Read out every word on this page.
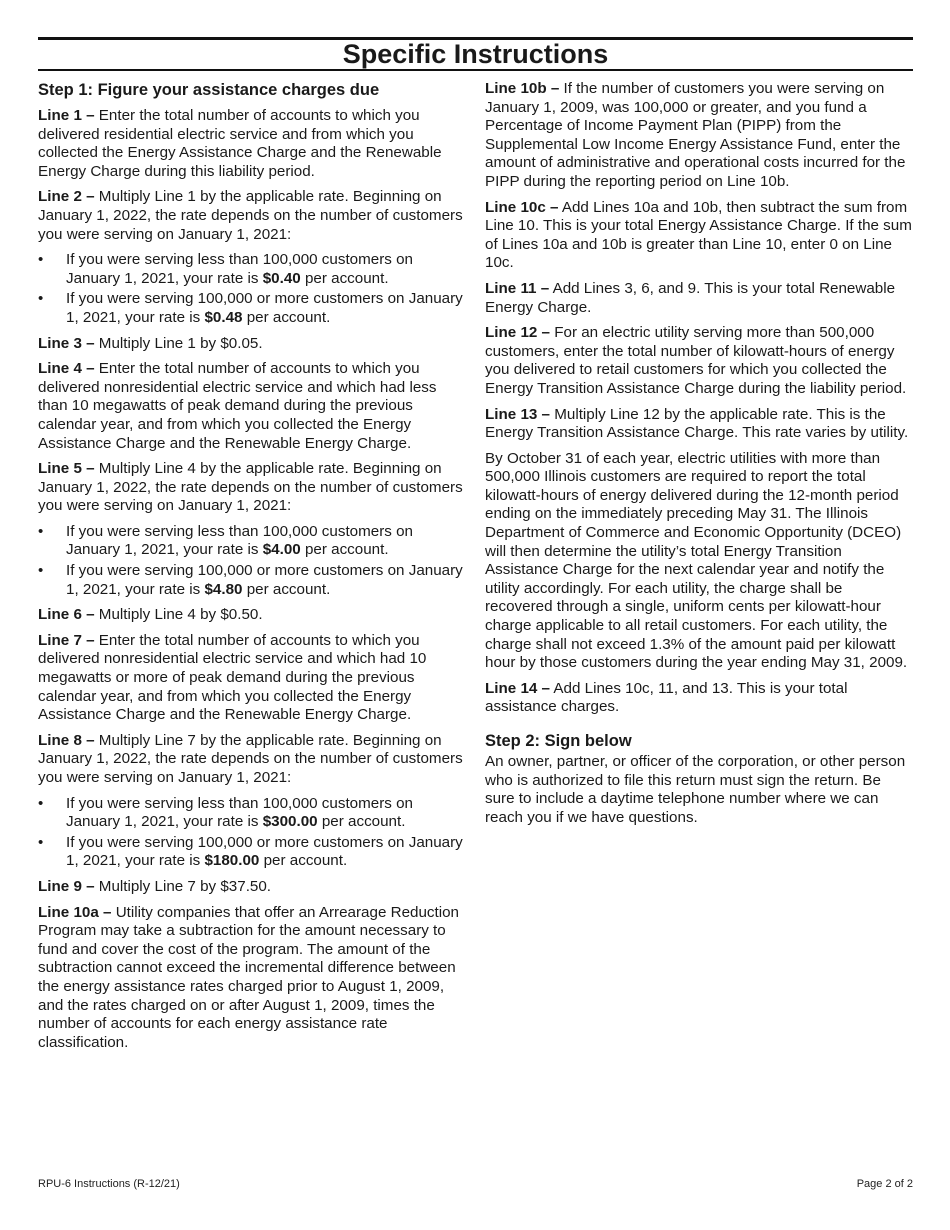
Specific Instructions
Step 1: Figure your assistance charges due

Line 1 – Enter the total number of accounts to which you delivered residential electric service and from which you collected the Energy Assistance Charge and the Renewable Energy Charge during this liability period.

Line 2 – Multiply Line 1 by the applicable rate. Beginning on January 1, 2022, the rate depends on the number of customers you were serving on January 1, 2021:

• If you were serving less than 100,000 customers on January 1, 2021, your rate is $0.40 per account.
• If you were serving 100,000 or more customers on January 1, 2021, your rate is $0.48 per account.

Line 3 – Multiply Line 1 by $0.05.

Line 4 – Enter the total number of accounts to which you delivered nonresidential electric service and which had less than 10 megawatts of peak demand during the previous calendar year, and from which you collected the Energy Assistance Charge and the Renewable Energy Charge.

Line 5 – Multiply Line 4 by the applicable rate. Beginning on January 1, 2022, the rate depends on the number of customers you were serving on January 1, 2021:

• If you were serving less than 100,000 customers on January 1, 2021, your rate is $4.00 per account.
• If you were serving 100,000 or more customers on January 1, 2021, your rate is $4.80 per account.

Line 6 – Multiply Line 4 by $0.50.

Line 7 – Enter the total number of accounts to which you delivered nonresidential electric service and which had 10 megawatts or more of peak demand during the previous calendar year, and from which you collected the Energy Assistance Charge and the Renewable Energy Charge.

Line 8 – Multiply Line 7 by the applicable rate. Beginning on January 1, 2022, the rate depends on the number of customers you were serving on January 1, 2021:

• If you were serving less than 100,000 customers on January 1, 2021, your rate is $300.00 per account.
• If you were serving 100,000 or more customers on January 1, 2021, your rate is $180.00 per account.

Line 9 – Multiply Line 7 by $37.50.

Line 10a – Utility companies that offer an Arrearage Reduction Program may take a subtraction for the amount necessary to fund and cover the cost of the program. The amount of the subtraction cannot exceed the incremental difference between the energy assistance rates charged prior to August 1, 2009, and the rates charged on or after August 1, 2009, times the number of accounts for each energy assistance rate classification.

Line 10b – If the number of customers you were serving on January 1, 2009, was 100,000 or greater, and you fund a Percentage of Income Payment Plan (PIPP) from the Supplemental Low Income Energy Assistance Fund, enter the amount of administrative and operational costs incurred for the PIPP during the reporting period on Line 10b.

Line 10c – Add Lines 10a and 10b, then subtract the sum from Line 10. This is your total Energy Assistance Charge. If the sum of Lines 10a and 10b is greater than Line 10, enter 0 on Line 10c.

Line 11 – Add Lines 3, 6, and 9. This is your total Renewable Energy Charge.

Line 12 – For an electric utility serving more than 500,000 customers, enter the total number of kilowatt-hours of energy you delivered to retail customers for which you collected the Energy Transition Assistance Charge during the liability period.

Line 13 – Multiply Line 12 by the applicable rate. This is the Energy Transition Assistance Charge. This rate varies by utility.

By October 31 of each year, electric utilities with more than 500,000 Illinois customers are required to report the total kilowatt-hours of energy delivered during the 12-month period ending on the immediately preceding May 31. The Illinois Department of Commerce and Economic Opportunity (DCEO) will then determine the utility’s total Energy Transition Assistance Charge for the next calendar year and notify the utility accordingly. For each utility, the charge shall be recovered through a single, uniform cents per kilowatt-hour charge applicable to all retail customers. For each utility, the charge shall not exceed 1.3% of the amount paid per kilowatt hour by those customers during the year ending May 31, 2009.

Line 14 – Add Lines 10c, 11, and 13. This is your total assistance charges.

Step 2: Sign below

An owner, partner, or officer of the corporation, or other person who is authorized to file this return must sign the return. Be sure to include a daytime telephone number where we can reach you if we have questions.

RPU-6 Instructions (R-12/21)	Page 2 of 2
